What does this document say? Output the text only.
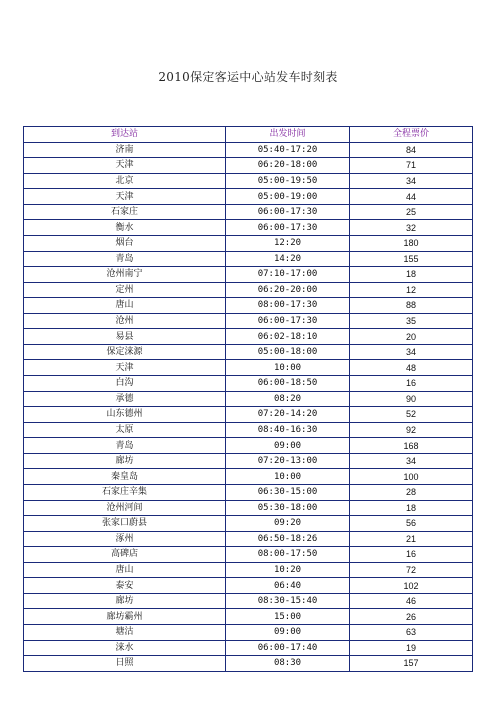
2010保定客运中心站发车时刻表
到达站	出发时间	全程票价
济南	05:40-17:20	84
天津	06:20-18:00	71
北京	05:00-19:50	34
天津	05:00-19:00	44
石家庄	06:00-17:30	25
衡水	06:00-17:30	32
烟台	12:20	180
青岛	14:20	155
沧州南宁	07:10-17:00	18
定州	06:20-20:00	12
唐山	08:00-17:30	88
沧州	06:00-17:30	35
易县	06:02-18:10	20
保定涞源	05:00-18:00	34
天津	10:00	48
白沟	06:00-18:50	16
承德	08:20	90
山东德州	07:20-14:20	52
太原	08:40-16:30	92
青岛	09:00	168
廊坊	07:20-13:00	34
秦皇岛	10:00	100
石家庄辛集	06:30-15:00	28
沧州河间	05:30-18:00	18
张家口蔚县	09:20	56
涿州	06:50-18:26	21
高碑店	08:00-17:50	16
唐山	10:20	72
泰安	06:40	102
廊坊	08:30-15:40	46
廊坊霸州	15:00	26
塘沽	09:00	63
涞水	06:00-17:40	19
日照	08:30	157
